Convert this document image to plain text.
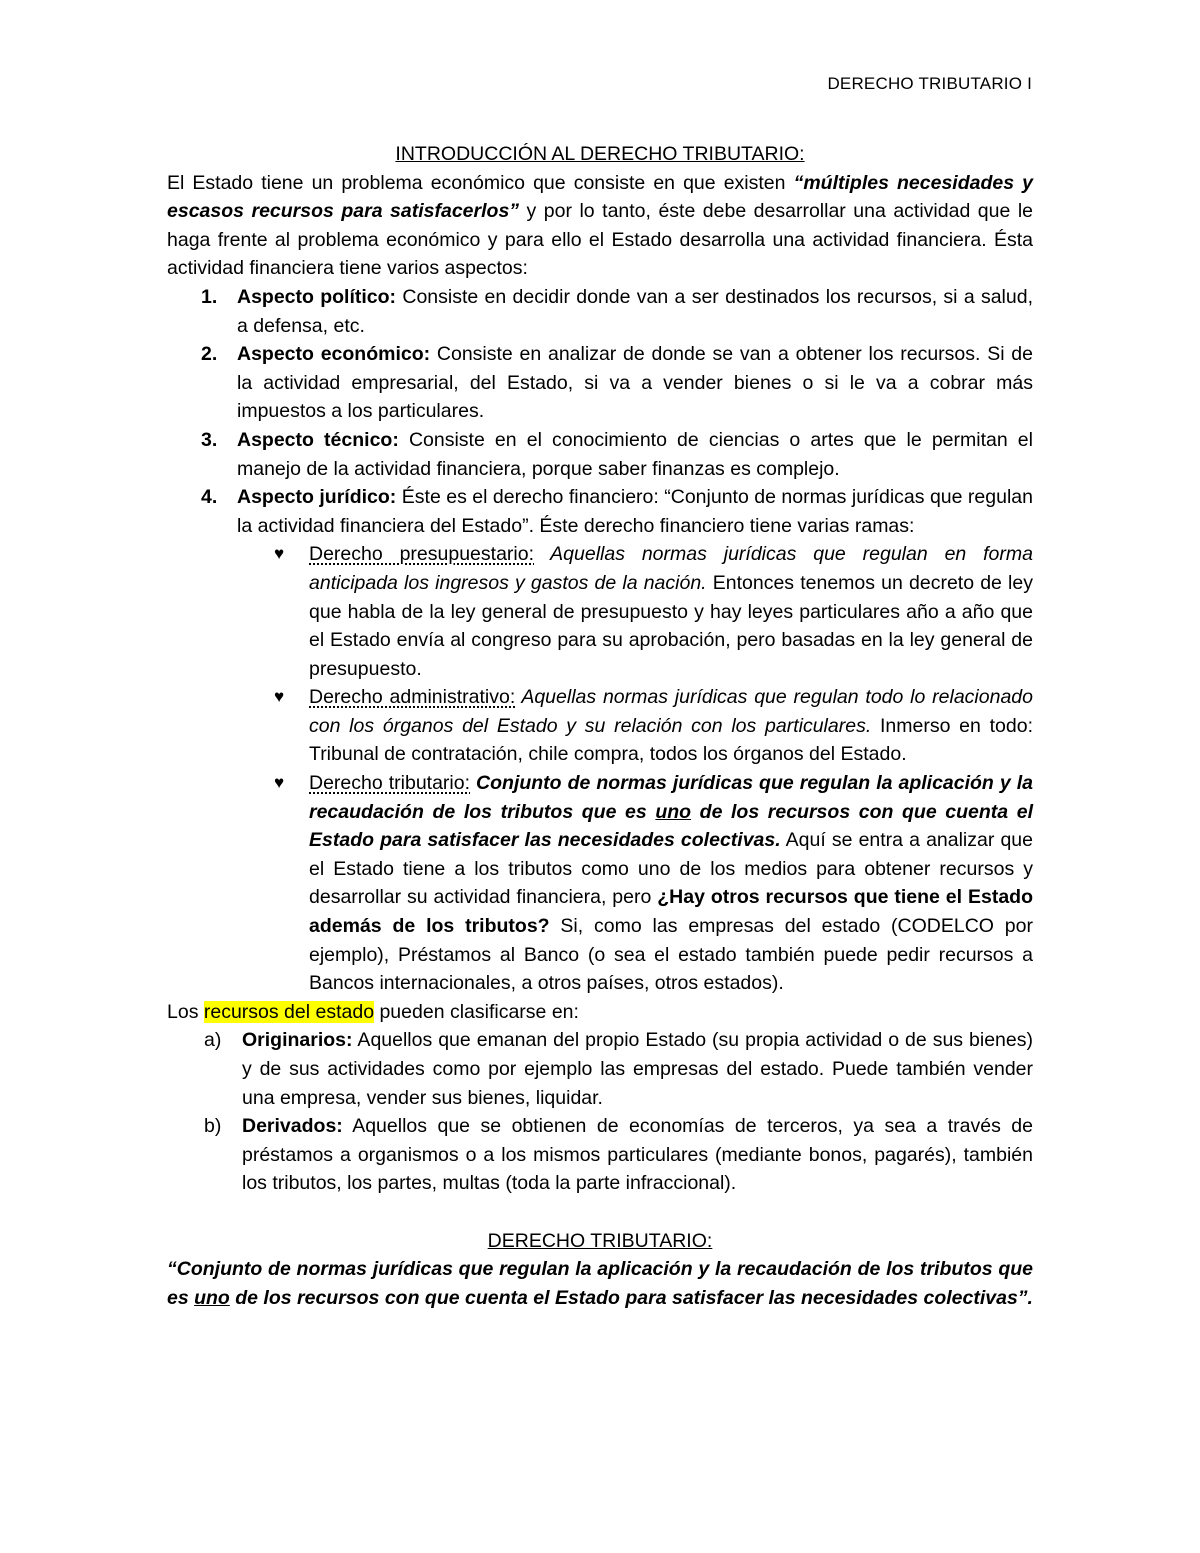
DERECHO TRIBUTARIO I
INTRODUCCIÓN AL DERECHO TRIBUTARIO:

El Estado tiene un problema económico que consiste en que existen “múltiples necesidades y escasos recursos para satisfacerlos” y por lo tanto, éste debe desarrollar una actividad que le haga frente al problema económico y para ello el Estado desarrolla una actividad financiera. Ésta actividad financiera tiene varios aspectos:

1. Aspecto político: Consiste en decidir donde van a ser destinados los recursos, si a salud, a defensa, etc.
2. Aspecto económico: Consiste en analizar de donde se van a obtener los recursos. Si de la actividad empresarial, del Estado, si va a vender bienes o si le va a cobrar más impuestos a los particulares.
3. Aspecto técnico: Consiste en el conocimiento de ciencias o artes que le permitan el manejo de la actividad financiera, porque saber finanzas es complejo.
4. Aspecto jurídico: Éste es el derecho financiero: “Conjunto de normas jurídicas que regulan la actividad financiera del Estado”. Éste derecho financiero tiene varias ramas:
♥ Derecho presupuestario: Aquellas normas jurídicas que regulan en forma anticipada los ingresos y gastos de la nación. Entonces tenemos un decreto de ley que habla de la ley general de presupuesto y hay leyes particulares año a año que el Estado envía al congreso para su aprobación, pero basadas en la ley general de presupuesto.
♥ Derecho administrativo: Aquellas normas jurídicas que regulan todo lo relacionado con los órganos del Estado y su relación con los particulares. Inmerso en todo: Tribunal de contratación, chile compra, todos los órganos del Estado.
♥ Derecho tributario: Conjunto de normas jurídicas que regulan la aplicación y la recaudación de los tributos que es uno de los recursos con que cuenta el Estado para satisfacer las necesidades colectivas. Aquí se entra a analizar que el Estado tiene a los tributos como uno de los medios para obtener recursos y desarrollar su actividad financiera, pero ¿Hay otros recursos que tiene el Estado además de los tributos? Si, como las empresas del estado (CODELCO por ejemplo), Préstamos al Banco (o sea el estado también puede pedir recursos a Bancos internacionales, a otros países, otros estados).

Los recursos del estado pueden clasificarse en:

a) Originarios: Aquellos que emanan del propio Estado (su propia actividad o de sus bienes) y de sus actividades como por ejemplo las empresas del estado. Puede también vender una empresa, vender sus bienes, liquidar.
b) Derivados: Aquellos que se obtienen de economías de terceros, ya sea a través de préstamos a organismos o a los mismos particulares (mediante bonos, pagarés), también los tributos, los partes, multas (toda la parte infraccional).
DERECHO TRIBUTARIO:

“Conjunto de normas jurídicas que regulan la aplicación y la recaudación de los tributos que es uno de los recursos con que cuenta el Estado para satisfacer las necesidades colectivas”.
